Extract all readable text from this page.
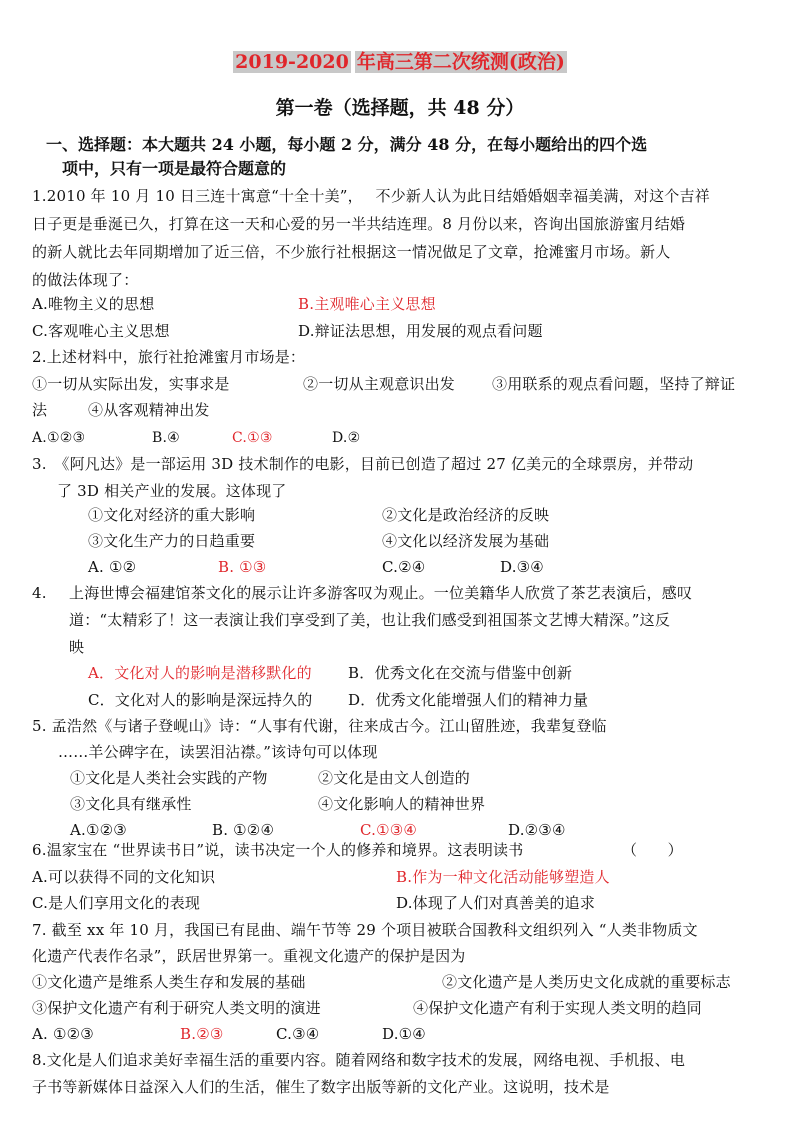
2019-2020 年高三第二次统测(政治)
第一卷（选择题，共 48 分）
一、选择题：本大题共 24 小题，每小题 2 分，满分 48 分，在每小题给出的四个选
项中，只有一项是最符合题意的
1.2010 年 10 月 10 日三连十寓意“十全十美”，　 不少新人认为此日结婚婚姻幸福美满，对这个吉祥
日子更是垂涎已久，打算在这一天和心爱的另一半共结连理。8 月份以来，咨询出国旅游蜜月结婚
的新人就比去年同期增加了近三倍，不少旅行社根据这一情况做足了文章，抢滩蜜月市场。新人
的做法体现了：
A.唯物主义的思想	B.主观唯心主义思想
C.客观唯心主义思想	D.辩证法思想，用发展的观点看问题
2.上述材料中，旅行社抢滩蜜月市场是：
①一切从实际出发，实事求是	②一切从主观意识出发 ③用联系的观点看问题，坚持了辩证
法	④从客观精神出发
A.①②③	B.④	C.①③	D.②
3.　《阿凡达》是一部运用 3D 技术制作的电影，目前已创造了超过 27 亿美元的全球票房，并带动
了 3D 相关产业的发展。这体现了
①文化对经济的重大影响	②文化是政治经济的反映
③文化生产力的日趋重要	④文化以经济发展为基础
A. ①②	B. ①③	C.②④	D.③④
4. 上海世博会福建馆茶文化的展示让许多游客叹为观止。一位美籍华人欣赏了茶艺表演后，感叹
道：“太精彩了！这一表演让我们享受到了美，也让我们感受到祖国茶文艺博大精深。”这反
映
A．文化对人的影响是潜移默化的 B．优秀文化在交流与借鉴中创新
C．文化对人的影响是深远持久的 D．优秀文化能增强人们的精神力量
5. 孟浩然《与诸子登岘山》诗：“人事有代谢，往来成古今。江山留胜迹，我辈复登临
……羊公碑字在，读罢泪沾襟。”该诗句可以体现
①文化是人类社会实践的产物	②文化是由文人创造的
③文化具有继承性	④文化影响人的精神世界
A.①②③	B. ①②④	C.①③④	D.②③④
6.温家宝在 “世界读书日”说，读书决定一个人的修养和境界。这表明读书	（　　）
A.可以获得不同的文化知识	B.作为一种文化活动能够塑造人
C.是人们享用文化的表现	D.体现了人们对真善美的追求
7. 截至 xx 年 10 月，我国已有昆曲、端午节等 29 个项目被联合国教科文组织列入 “人类非物质文
化遗产代表作名录”，跃居世界第一。重视文化遗产的保护是因为
①文化遗产是维系人类生存和发展的基础	②文化遗产是人类历史文化成就的重要标志
③保护文化遗产有利于研究人类文明的演进	④保护文化遗产有利于实现人类文明的趋同
A. ①②③	B.②③	C.③④	D.①④
8.文化是人们追求美好幸福生活的重要内容。随着网络和数字技术的发展，网络电视、手机报、电
子书等新媒体日益深入人们的生活，催生了数字出版等新的文化产业。这说明，技术是
